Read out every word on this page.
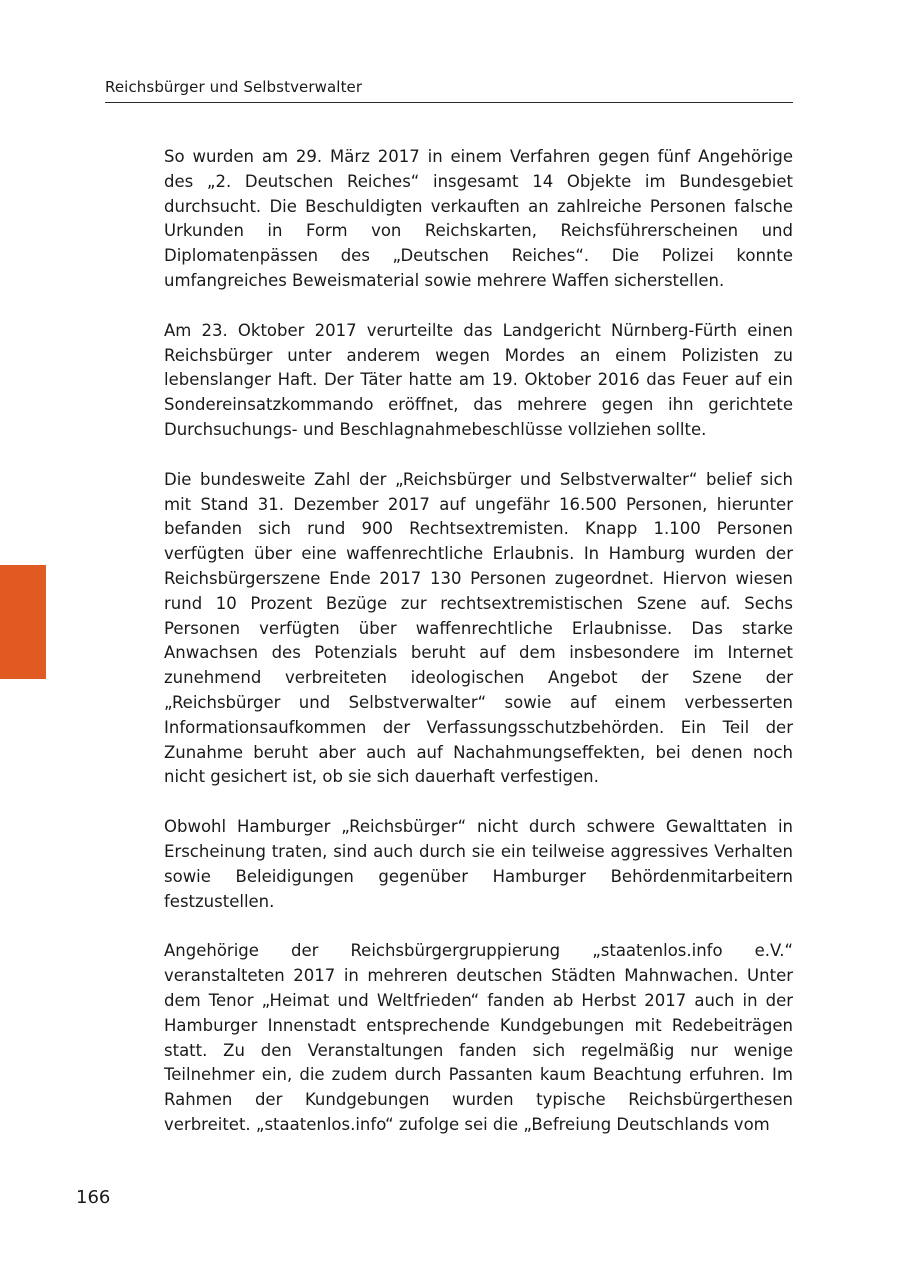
Reichsbürger und Selbstverwalter

So wurden am 29. März 2017 in einem Verfahren gegen fünf Angehörige des „2. Deutschen Reiches“ insgesamt 14 Objekte im Bundesgebiet durchsucht. Die Beschuldigten verkauften an zahlreiche Personen falsche Urkunden in Form von Reichskarten, Reichsführerscheinen und Diplomatenpässen des „Deutschen Reiches“. Die Polizei konnte umfangreiches Beweismaterial sowie mehrere Waffen sicherstellen.

Am 23. Oktober 2017 verurteilte das Landgericht Nürnberg-Fürth einen Reichsbürger unter anderem wegen Mordes an einem Polizisten zu lebenslanger Haft. Der Täter hatte am 19. Oktober 2016 das Feuer auf ein Sondereinsatzkommando eröffnet, das mehrere gegen ihn gerichtete Durchsuchungs- und Beschlagnahmebeschlüsse vollziehen sollte.

Die bundesweite Zahl der „Reichsbürger und Selbstverwalter“ belief sich mit Stand 31. Dezember 2017 auf ungefähr 16.500 Personen, hierunter befanden sich rund 900 Rechtsextremisten. Knapp 1.100 Personen verfügten über eine waffenrechtliche Erlaubnis. In Hamburg wurden der Reichsbürgerszene Ende 2017 130 Personen zugeordnet. Hiervon wiesen rund 10 Prozent Bezüge zur rechtsextremistischen Szene auf. Sechs Personen verfügten über waffenrechtliche Erlaubnisse. Das starke Anwachsen des Potenzials beruht auf dem insbesondere im Internet zunehmend verbreiteten ideologischen Angebot der Szene der „Reichsbürger und Selbstverwalter“ sowie auf einem verbesserten Informationsaufkommen der Verfassungsschutzbehörden. Ein Teil der Zunahme beruht aber auch auf Nachahmungseffekten, bei denen noch nicht gesichert ist, ob sie sich dauerhaft verfestigen.

Obwohl Hamburger „Reichsbürger“ nicht durch schwere Gewalttaten in Erscheinung traten, sind auch durch sie ein teilweise aggressives Verhalten sowie Beleidigungen gegenüber Hamburger Behördenmitarbeitern festzustellen.

Angehörige der Reichsbürgergruppierung „staatenlos.info e.V.“ veranstalteten 2017 in mehreren deutschen Städten Mahnwachen. Unter dem Tenor „Heimat und Weltfrieden“ fanden ab Herbst 2017 auch in der Hamburger Innenstadt entsprechende Kundgebungen mit Redebeiträgen statt. Zu den Veranstaltungen fanden sich regelmäßig nur wenige Teilnehmer ein, die zudem durch Passanten kaum Beachtung erfuhren. Im Rahmen der Kundgebungen wurden typische Reichsbürgerthesen verbreitet. „staatenlos.info“ zufolge sei die „Befreiung Deutschlands vom

166
